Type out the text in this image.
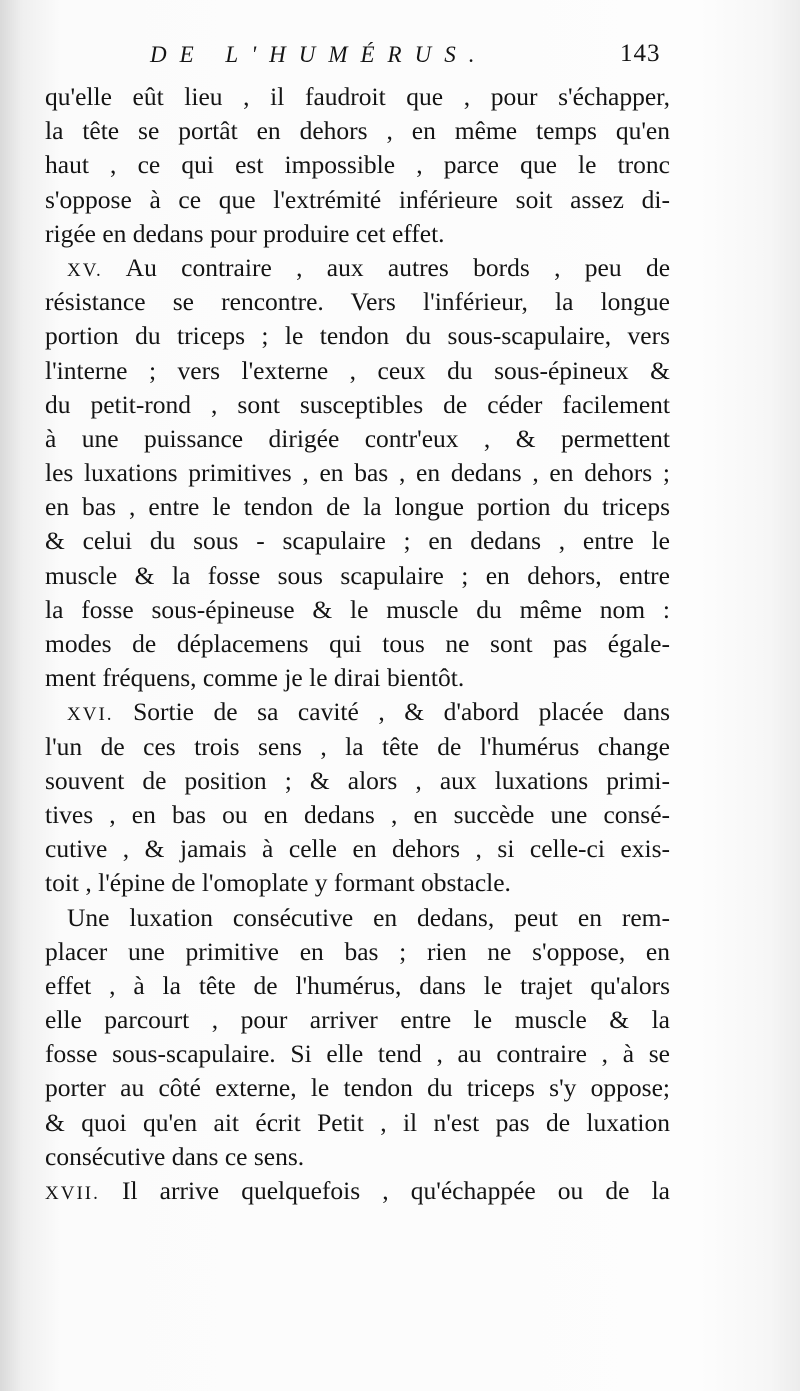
DE L'HUMÉRUS.	143
qu'elle eût lieu , il faudroit que , pour s'échapper,
la tête se portât en dehors , en même temps qu'en
haut , ce qui est impossible , parce que le tronc
s'oppose à ce que l'extrémité inférieure soit assez di-
rigée en dedans pour produire cet effet.
XV. Au contraire , aux autres bords , peu de
résistance se rencontre. Vers l'inférieur, la longue
portion du triceps ; le tendon du sous-scapulaire, vers
l'interne ; vers l'externe , ceux du sous-épineux &
du petit-rond , sont susceptibles de céder facilement
à une puissance dirigée contr'eux , & permettent
les luxations primitives , en bas , en dedans , en dehors ;
en bas , entre le tendon de la longue portion du triceps
& celui du sous - scapulaire ; en dedans , entre le
muscle & la fosse sous scapulaire ; en dehors, entre
la fosse sous-épineuse & le muscle du même nom :
modes de déplacemens qui tous ne sont pas égale-
ment fréquens, comme je le dirai bientôt.
XVI. Sortie de sa cavité , & d'abord placée dans
l'un de ces trois sens , la tête de l'humérus change
souvent de position ; & alors , aux luxations primi-
tives , en bas ou en dedans , en succède une consé-
cutive , & jamais à celle en dehors , si celle-ci exis-
toit , l'épine de l'omoplate y formant obstacle.
Une luxation consécutive en dedans, peut en rem-
placer une primitive en bas ; rien ne s'oppose, en
effet , à la tête de l'humérus, dans le trajet qu'alors
elle parcourt , pour arriver entre le muscle & la
fosse sous-scapulaire. Si elle tend , au contraire , à se
porter au côté externe, le tendon du triceps s'y oppose;
& quoi qu'en ait écrit Petit , il n'est pas de luxation
consécutive dans ce sens.
XVII. Il arrive quelquefois , qu'échappée ou de la
